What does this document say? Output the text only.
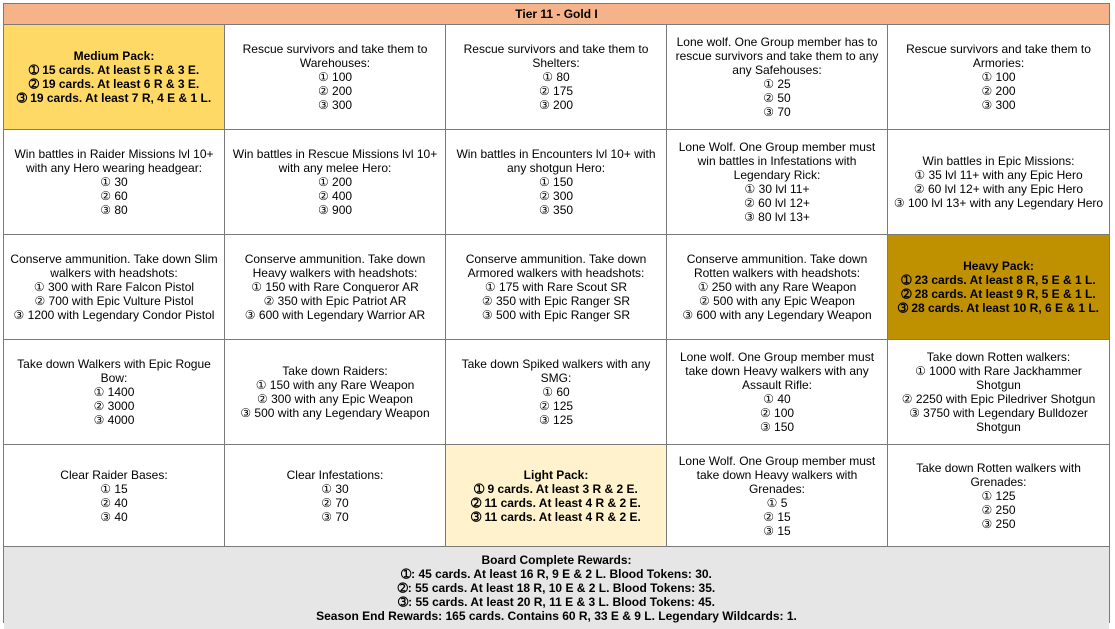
Tier 11 - Gold I
Medium Pack:
➀ 15 cards. At least 5 R & 3 E.
➁ 19 cards. At least 6 R & 3 E.
➂ 19 cards. At least 7 R, 4 E & 1 L.
Rescue survivors and take them to Warehouses:
① 100
② 200
③ 300
Rescue survivors and take them to Shelters:
① 80
② 175
③ 200
Lone wolf. One Group member has to rescue survivors and take them to any any Safehouses:
① 25
② 50
③ 70
Rescue survivors and take them to Armories:
① 100
② 200
③ 300
Win battles in Raider Missions lvl 10+ with any Hero wearing headgear:
① 30
② 60
③ 80
Win battles in Rescue Missions lvl 10+ with any melee Hero:
① 200
② 400
③ 900
Win battles in Encounters lvl 10+ with any shotgun Hero:
① 150
② 300
③ 350
Lone Wolf. One Group member must win battles in Infestations with Legendary Rick:
① 30 lvl 11+
② 60 lvl 12+
③ 80 lvl 13+
Win battles in Epic Missions:
① 35 lvl 11+ with any Epic Hero
② 60 lvl 12+ with any Epic Hero
③ 100 lvl 13+ with any Legendary Hero
Conserve ammunition. Take down Slim walkers with headshots:
① 300 with Rare Falcon Pistol
② 700 with Epic Vulture Pistol
③ 1200 with Legendary Condor Pistol
Conserve ammunition. Take down Heavy walkers with headshots:
① 150 with Rare Conqueror AR
② 350 with Epic Patriot AR
③ 600 with Legendary Warrior AR
Conserve ammunition. Take down Armored walkers with headshots:
① 175 with Rare Scout SR
② 350 with Epic Ranger SR
③ 500 with Epic Ranger SR
Conserve ammunition. Take down Rotten walkers with headshots:
① 250 with any Rare Weapon
② 500 with any Epic Weapon
③ 600 with any Legendary Weapon
Heavy Pack:
➀ 23 cards. At least 8 R, 5 E & 1 L.
➁ 28 cards. At least 9 R, 5 E & 1 L.
➂ 28 cards. At least 10 R, 6 E & 1 L.
Take down Walkers with Epic Rogue Bow:
① 1400
② 3000
③ 4000
Take down Raiders:
① 150 with any Rare Weapon
② 300 with any Epic Weapon
③ 500 with any Legendary Weapon
Take down Spiked walkers with any SMG:
① 60
② 125
③ 125
Lone wolf. One Group member must take down Heavy walkers with any Assault Rifle:
① 40
② 100
③ 150
Take down Rotten walkers:
① 1000 with Rare Jackhammer Shotgun
② 2250 with Epic Piledriver Shotgun
③ 3750 with Legendary Bulldozer Shotgun
Clear Raider Bases:
① 15
② 40
③ 40
Clear Infestations:
① 30
② 70
③ 70
Light Pack:
➀ 9 cards. At least 3 R & 2 E.
➁ 11 cards. At least 4 R & 2 E.
➂ 11 cards. At least 4 R & 2 E.
Lone Wolf. One Group member must take down Heavy walkers with Grenades:
① 5
② 15
③ 15
Take down Rotten walkers with Grenades:
① 125
② 250
③ 250
Board Complete Rewards:
➀: 45 cards. At least 16 R, 9 E & 2 L. Blood Tokens: 30.
➁: 55 cards. At least 18 R, 10 E & 2 L. Blood Tokens: 35.
➂: 55 cards. At least 20 R, 11 E & 3 L. Blood Tokens: 45.
Season End Rewards: 165 cards. Contains 60 R, 33 E & 9 L. Legendary Wildcards: 1.
